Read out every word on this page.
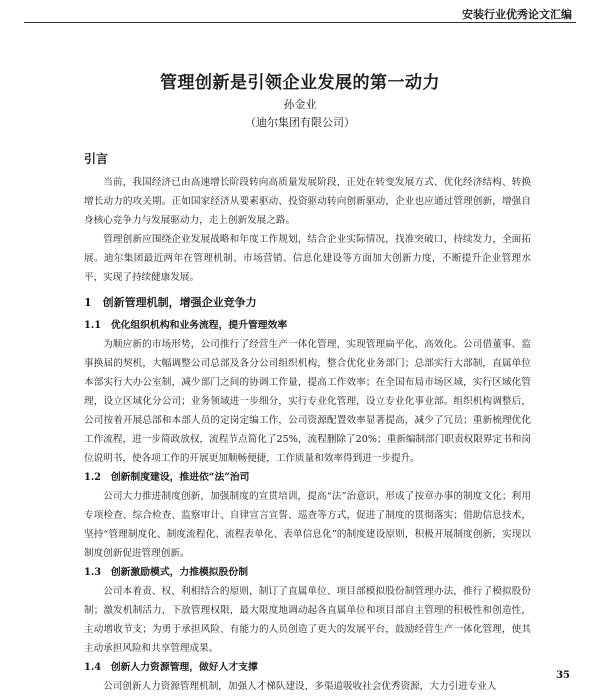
安装行业优秀论文汇编
管理创新是引领企业发展的第一动力
孙金业
（迪尔集团有限公司）
引言

当前，我国经济已由高速增长阶段转向高质量发展阶段，正处在转变发展方式、优化经济结构、转换增长动力的攻关期。正如国家经济从要素驱动、投资驱动转向创新驱动，企业也应通过管理创新，增强自身核心竞争力与发展驱动力，走上创新发展之路。

管理创新应围绕企业发展战略和年度工作规划，结合企业实际情况，找准突破口，持续发力，全面拓展。迪尔集团最近两年在管理机制、市场营销、信息化建设等方面加大创新力度，不断提升企业管理水平，实现了持续健康发展。

1　创新管理机制，增强企业竞争力
1.1　优化组织机构和业务流程，提升管理效率

为顺应新的市场形势，公司推行了经营生产一体化管理，实现管理扁平化、高效化。公司借董事、监事换届的契机，大幅调整公司总部及各分公司组织机构，整合优化业务部门；总部实行大部制，直属单位本部实行大办公室制，减少部门之间的协调工作量，提高工作效率；在全国布局市场区域，实行区域化管理，设立区域化分公司；业务领域进一步细分，实行专业化管理，设立专业化事业部。组织机构调整后，公司按着开展总部和本部人员的定岗定编工作，公司资源配置效率显著提高，减少了冗员；重新梳理优化工作流程，进一步简政放权，流程节点简化了25%，流程删除了20%；重新编制部门职责权限界定书和岗位说明书，使各项工作的开展更加顺畅便捷，工作质量和效率得到进一步提升。

1.2　创新制度建设，推进依“法”治司

公司大力推进制度创新，加强制度的宣贯培训，提高“法”治意识，形成了按章办事的制度文化；利用专项检查、综合检查、监察审计、自律宣言宣誓、巡查等方式，促进了制度的贯彻落实；借助信息技术，坚持“管理制度化、制度流程化、流程表单化、表单信息化”的制度建设原则，积极开展制度创新，实现以制度创新促进管理创新。

1.3　创新激励模式，力推模拟股份制

公司本着责、权、利相结合的原则，制订了直属单位、项目部模拟股份制管理办法，推行了模拟股份制；激发机制活力，下放管理权限，最大限度地调动起各直属单位和项目部自主管理的积极性和创造性，主动增收节支；为勇于承担风险、有能力的人员创造了更大的发展平台，鼓励经营生产一体化管理，使其主动承担风险和共享管理成果。

1.4　创新人力资源管理，做好人才支撑

公司创新人力资源管理机制，加强人才梯队建设，多渠道吸收社会优秀资源，大力引进专业人

35
